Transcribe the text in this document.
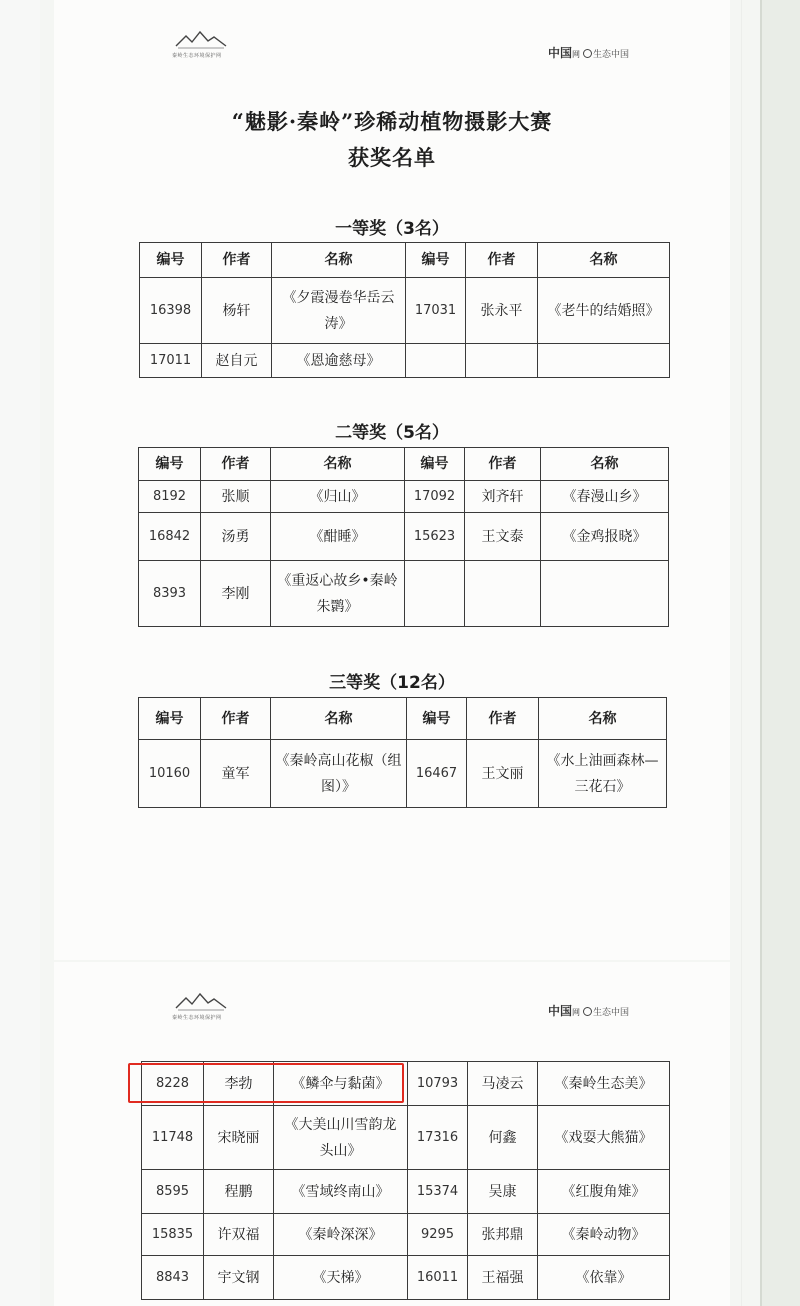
秦岭生态环境保护网	中国网 生态中国
“魅影·秦岭”珍稀动植物摄影大赛
获奖名单
一等奖（3名）
编号	作者	名称	编号	作者	名称
16398	杨轩	《夕霞漫卷华岳云涛》	17031	张永平	《老牛的结婚照》
17011	赵自元	《恩逾慈母》			
二等奖（5名）
编号	作者	名称	编号	作者	名称
8192	张顺	《归山》	17092	刘齐轩	《春漫山乡》
16842	汤勇	《酣睡》	15623	王文泰	《金鸡报晓》
8393	李刚	《重返心故乡•秦岭朱鹮》			
三等奖（12名）
编号	作者	名称	编号	作者	名称
10160	童军	《秦岭高山花椒（组图）》	16467	王文丽	《水上油画森林—三花石》
秦岭生态环境保护网	中国网 生态中国
8228	李勃	《鳞伞与黏菌》	10793	马凌云	《秦岭生态美》
11748	宋晓丽	《大美山川雪韵龙头山》	17316	何鑫	《戏耍大熊猫》
8595	程鹏	《雪域终南山》	15374	吴康	《红腹角雉》
15835	许双福	《秦岭深深》	9295	张邦鼎	《秦岭动物》
8843	宇文钢	《天梯》	16011	王福强	《依靠》
